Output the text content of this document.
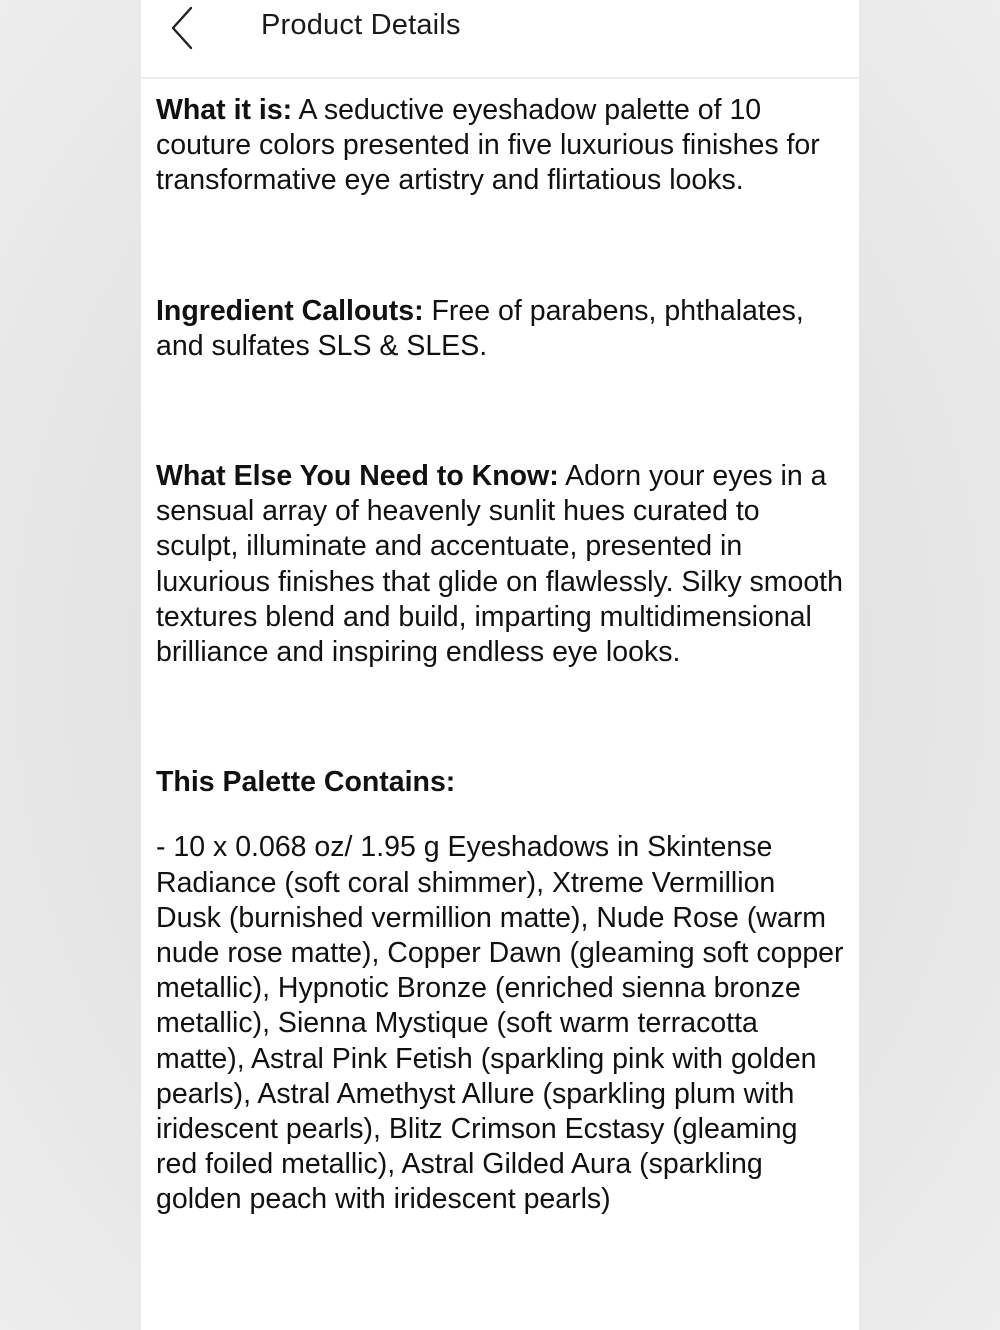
Product Details

What it is: A seductive eyeshadow palette of 10 couture colors presented in five luxurious finishes for transformative eye artistry and flirtatious looks.

Ingredient Callouts: Free of parabens, phthalates, and sulfates SLS & SLES.

What Else You Need to Know: Adorn your eyes in a sensual array of heavenly sunlit hues curated to sculpt, illuminate and accentuate, presented in luxurious finishes that glide on flawlessly. Silky smooth textures blend and build, imparting multidimensional brilliance and inspiring endless eye looks.

This Palette Contains:

- 10 x 0.068 oz/ 1.95 g Eyeshadows in Skintense Radiance (soft coral shimmer), Xtreme Vermillion Dusk (burnished vermillion matte), Nude Rose (warm nude rose matte), Copper Dawn (gleaming soft copper metallic), Hypnotic Bronze (enriched sienna bronze metallic), Sienna Mystique (soft warm terracotta matte), Astral Pink Fetish (sparkling pink with golden pearls), Astral Amethyst Allure (sparkling plum with iridescent pearls), Blitz Crimson Ecstasy (gleaming red foiled metallic), Astral Gilded Aura (sparkling golden peach with iridescent pearls)
